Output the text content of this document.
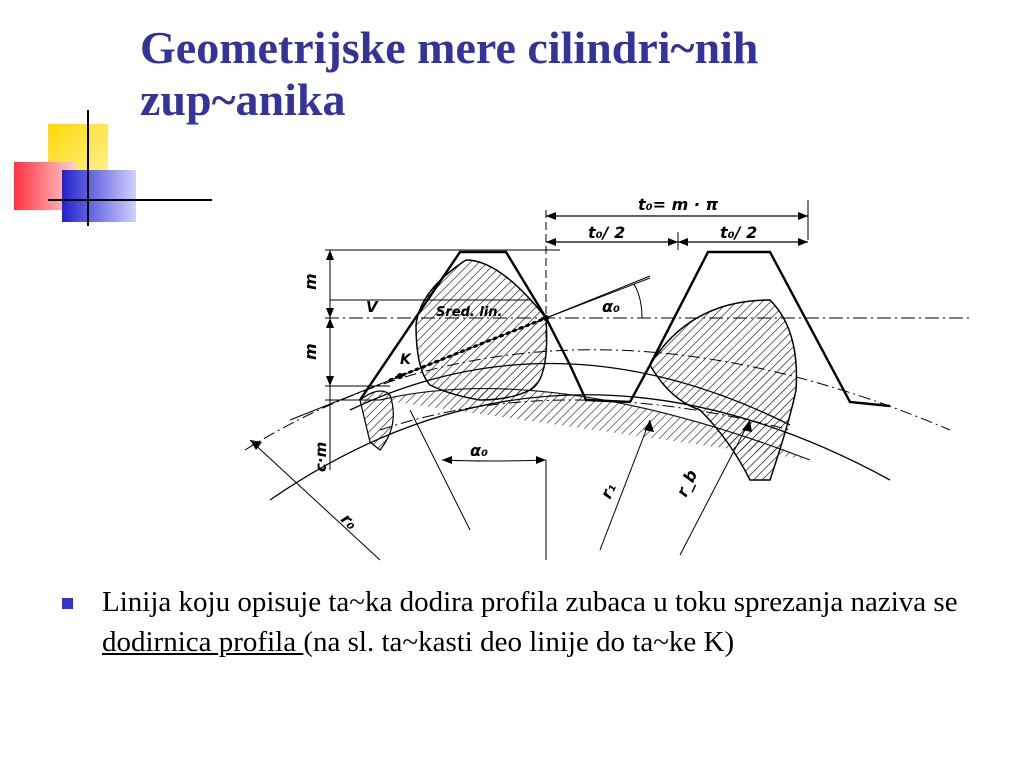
Geometrijske mere cilindri~nih
zup~anika
t₀= m · π
t₀/ 2	t₀/ 2
m
m
c·m
V
K
Sred. lin.	α₀
α₀
r₀
r₁	r_b
Linija koju opisuje ta~ka dodira profila zubaca u toku sprezanja naziva se dodirnica profila (na sl. ta~kasti deo linije do ta~ke K)
